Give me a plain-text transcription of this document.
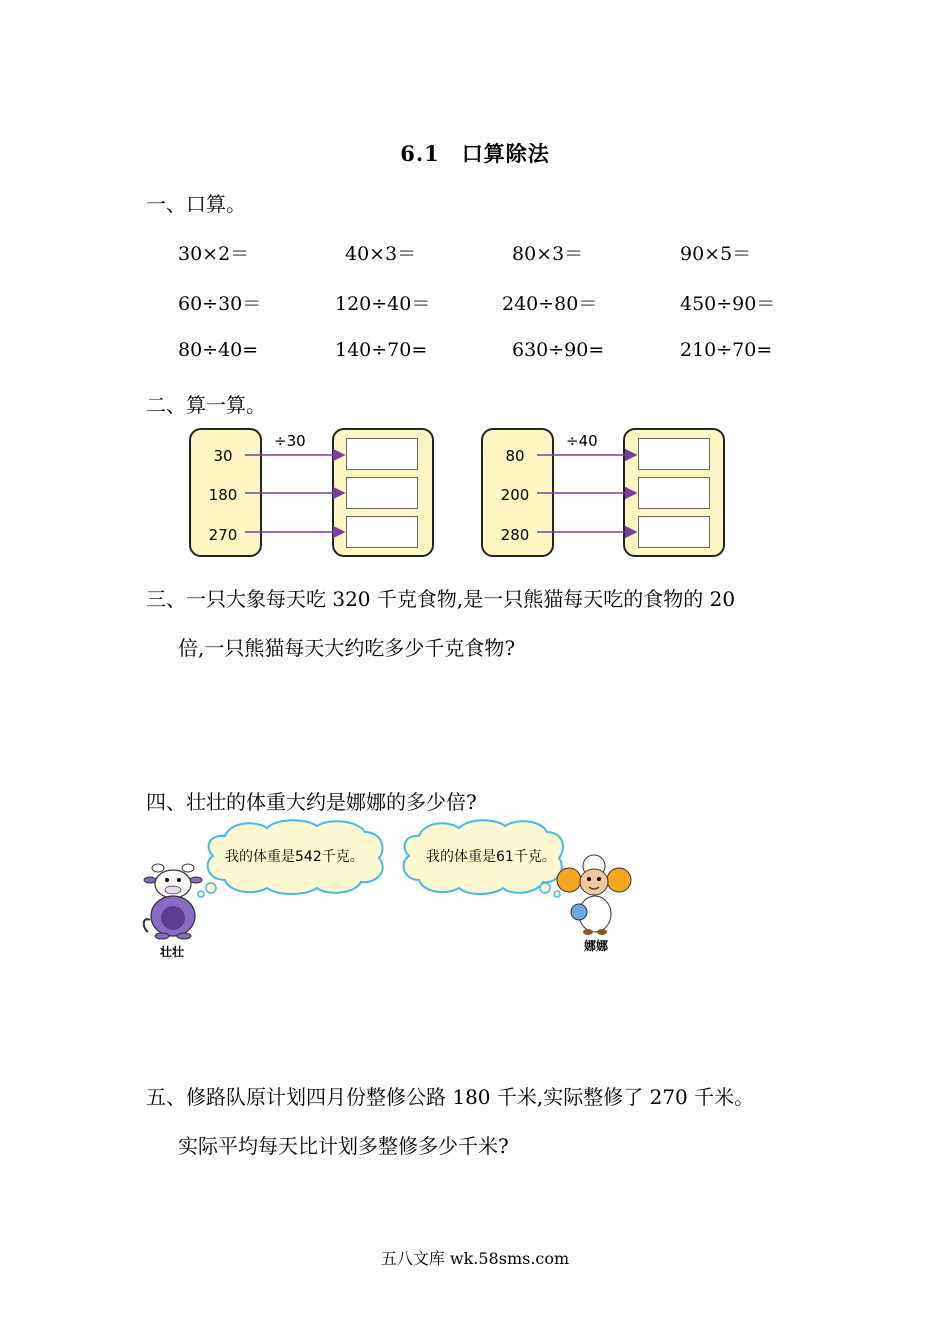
6.1　口算除法
一、口算。
30×2＝	40×3＝	80×3＝	90×5＝
60÷30＝	120÷40＝	240÷80＝	450÷90＝
80÷40=	140÷70=	630÷90=	210÷70=
二、算一算。
30
180
270
÷30
80
200
280
÷40
三、一只大象每天吃 320 千克食物,是一只熊猫每天吃的食物的 20
倍,一只熊猫每天大约吃多少千克食物?
四、壮壮的体重大约是娜娜的多少倍?
我的体重是542千克。	我的体重是61千克。
壮壮	娜娜
五、修路队原计划四月份整修公路 180 千米,实际整修了 270 千米。
实际平均每天比计划多整修多少千米?
五八文库 wk.58sms.com
